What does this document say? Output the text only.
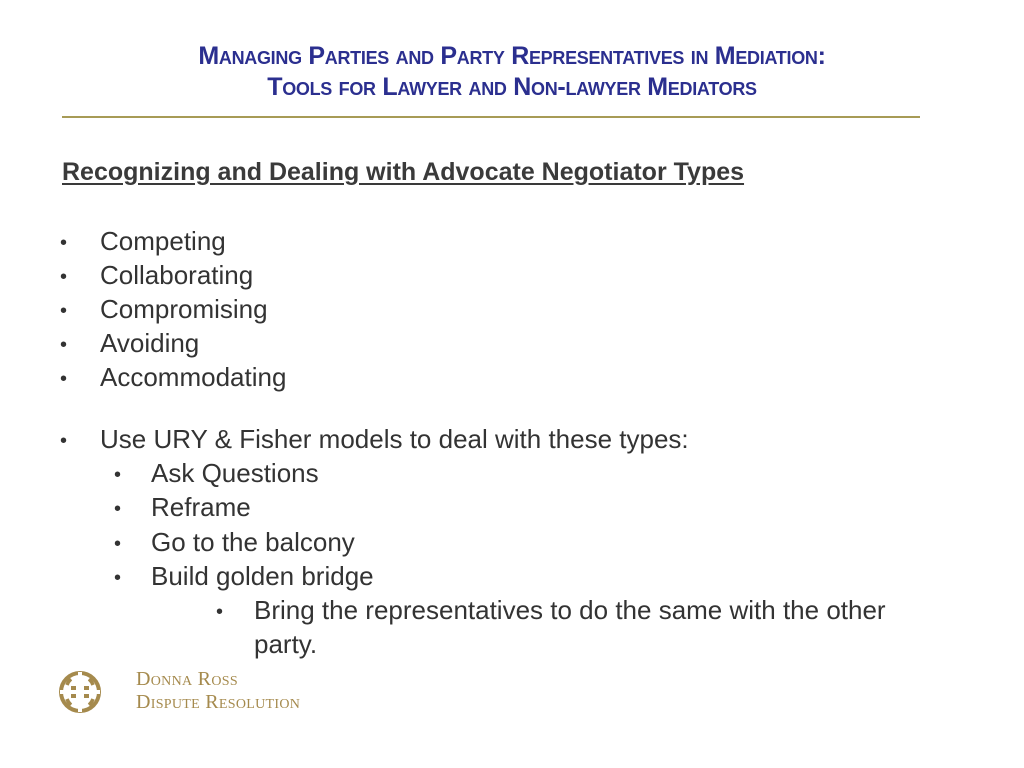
Managing Parties and Party Representatives in Mediation:
Tools for Lawyer and Non-lawyer Mediators
Recognizing and Dealing with Advocate Negotiator Types
• Competing
• Collaborating
• Compromising
• Avoiding
• Accommodating
• Use URY & Fisher models to deal with these types:
• Ask Questions
• Reframe
• Go to the balcony
• Build golden bridge
• Bring the representatives to do the same with the other
party.
Donna Ross
Dispute Resolution
